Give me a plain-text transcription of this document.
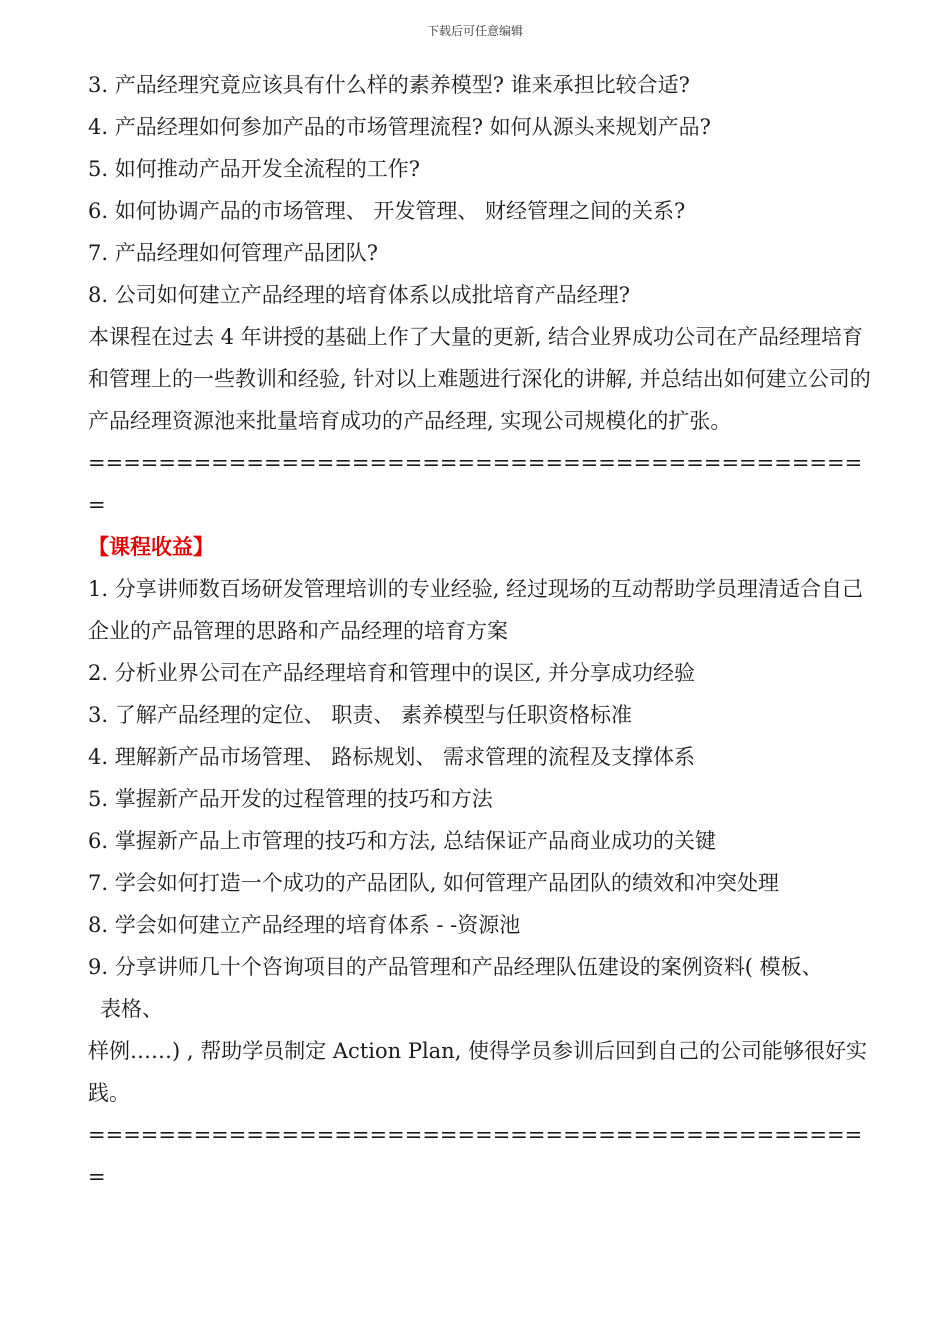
下载后可任意编辑
3. 产品经理究竟应该具有什么样的素养模型? 谁来承担比较合适?
4. 产品经理如何参加产品的市场管理流程? 如何从源头来规划产品?
5. 如何推动产品开发全流程的工作?
6. 如何协调产品的市场管理、 开发管理、 财经管理之间的关系?
7. 产品经理如何管理产品团队?
8. 公司如何建立产品经理的培育体系以成批培育产品经理?
本课程在过去 4 年讲授的基础上作了大量的更新, 结合业界成功公司在产品经理培育和管理上的一些教训和经验, 针对以上难题进行深化的讲解, 并总结出如何建立公司的产品经理资源池来批量培育成功的产品经理, 实现公司规模化的扩张。
=============================================
【课程收益】
1. 分享讲师数百场研发管理培训的专业经验, 经过现场的互动帮助学员理清适合自己企业的产品管理的思路和产品经理的培育方案
2. 分析业界公司在产品经理培育和管理中的误区, 并分享成功经验
3. 了解产品经理的定位、 职责、 素养模型与任职资格标准
4. 理解新产品市场管理、 路标规划、 需求管理的流程及支撑体系
5. 掌握新产品开发的过程管理的技巧和方法
6. 掌握新产品上市管理的技巧和方法, 总结保证产品商业成功的关键
7. 学会如何打造一个成功的产品团队, 如何管理产品团队的绩效和冲突处理
8. 学会如何建立产品经理的培育体系 - -资源池
9. 分享讲师几十个咨询项目的产品管理和产品经理队伍建设的案例资料( 模板、
表格、
样例……) , 帮助学员制定 Action Plan, 使得学员参训后回到自己的公司能够很好实践。
=============================================
